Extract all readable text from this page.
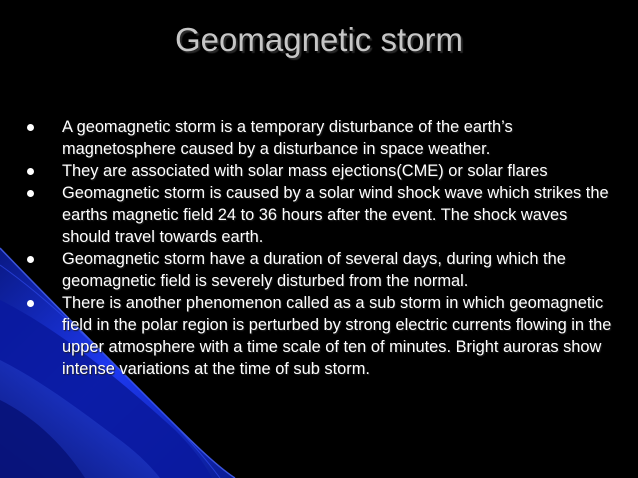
Geomagnetic storm
A geomagnetic storm is a temporary disturbance of the earth’s magnetosphere caused by a disturbance in space weather.
They are associated with solar mass ejections(CME) or solar flares
Geomagnetic storm is caused by a solar wind shock wave which strikes the earths magnetic field 24 to 36 hours after the event. The shock waves should travel towards earth.
Geomagnetic storm have a duration of several days, during which the geomagnetic field is severely disturbed from the normal.
There is another phenomenon called as a sub storm in which geomagnetic field in the polar region is perturbed by strong electric currents flowing in the upper atmosphere with a time scale of ten of minutes. Bright auroras show intense variations at the time of sub storm.
